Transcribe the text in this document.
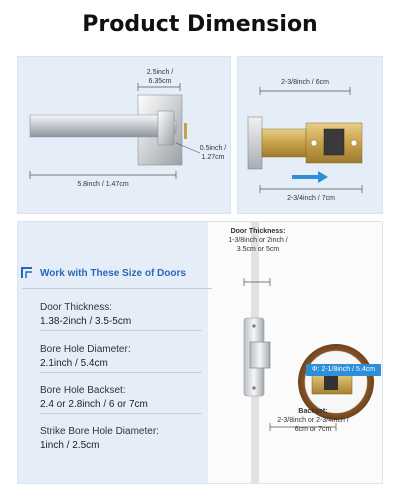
Product Dimension
2.5inch /
6.35cm
0.5inch /
1.27cm
5.8inch / 1.47cm
2-3/8inch / 6cm
2-3/4inch / 7cm
Work with These Size of Doors
Door Thickness:
1.38-2inch / 3.5-5cm
Bore Hole Diameter:
2.1inch / 5.4cm
Bore Hole Backset:
2.4 or 2.8inch / 6 or 7cm
Strike Bore Hole Diameter:
1inch / 2.5cm
Door Thickness:
1-3/8inch or 2inch /
3.5cm or 5cm
Φ: 2-1/8inch / 5.4cm
Backset:
2-3/8inch or 2-3/4inch /
6cm or 7cm
